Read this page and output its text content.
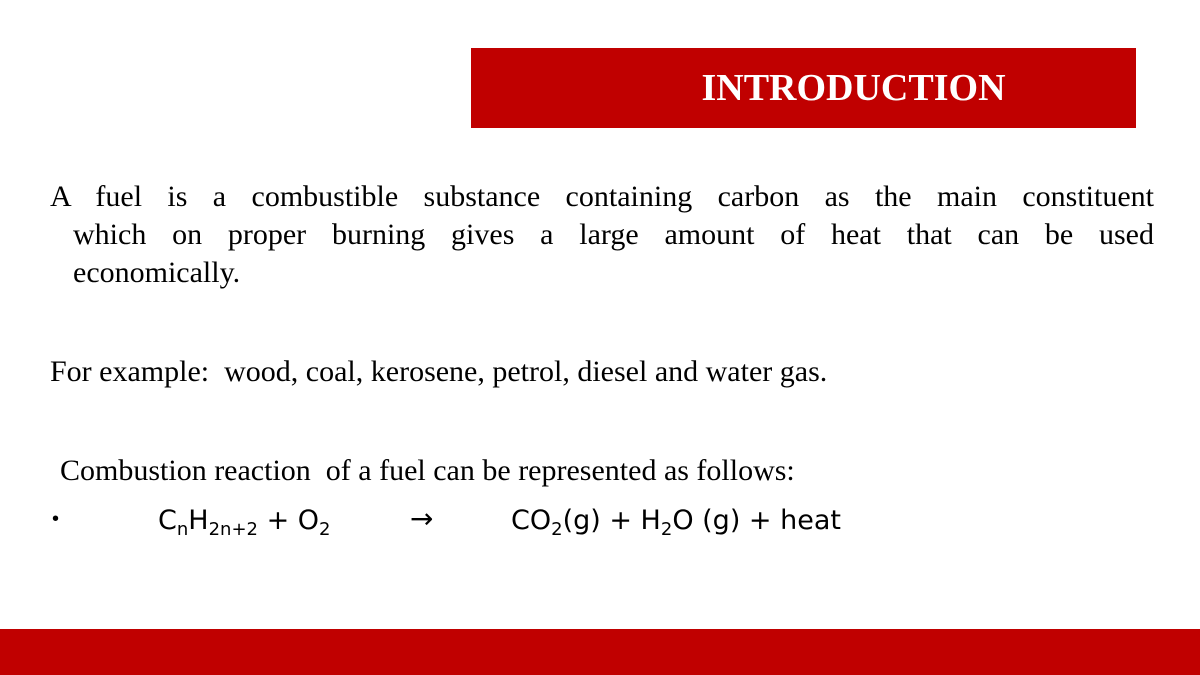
INTRODUCTION
A fuel is a combustible substance containing carbon as the main constituent
which on proper burning gives a large amount of heat that can be used
economically.
For example:  wood, coal, kerosene, petrol, diesel and water gas.
Combustion reaction  of a fuel can be represented as follows:
•	$C_nH_{2n+2} + O_2$	→	$CO_2(g) + H_2O$ (g) + heat
